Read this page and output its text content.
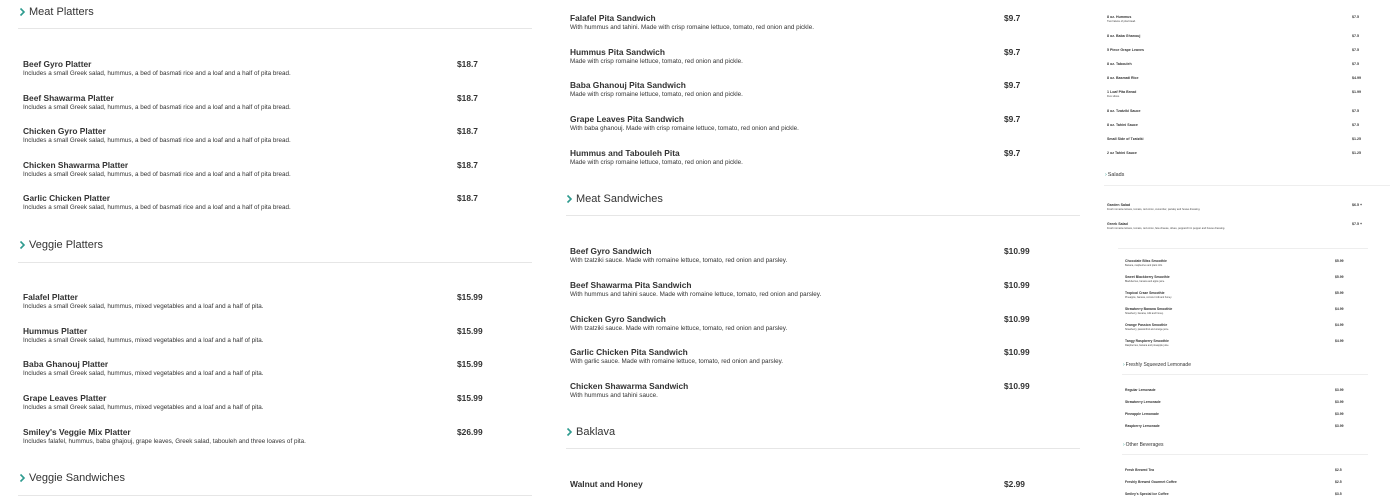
Meat Platters
Beef Gyro Platter
Includes a small Greek salad, hummus, a bed of basmati rice and a loaf and a half of pita bread.
$18.7
Beef Shawarma Platter
Includes a small Greek salad, hummus, a bed of basmati rice and a loaf and a half of pita bread.
$18.7
Chicken Gyro Platter
Includes a small Greek salad, hummus, a bed of basmati rice and a loaf and a half of pita bread.
$18.7
Chicken Shawarma Platter
Includes a small Greek salad, hummus, a bed of basmati rice and a loaf and a half of pita bread.
$18.7
Garlic Chicken Platter
Includes a small Greek salad, hummus, a bed of basmati rice and a loaf and a half of pita bread.
$18.7
Veggie Platters
Falafel Platter
Includes a small Greek salad, hummus, mixed vegetables and a loaf and a half of pita.
$15.99
Hummus Platter
Includes a small Greek salad, hummus, mixed vegetables and a loaf and a half of pita.
$15.99
Baba Ghanouj Platter
Includes a small Greek salad, hummus, mixed vegetables and a loaf and a half of pita.
$15.99
Grape Leaves Platter
Includes a small Greek salad, hummus, mixed vegetables and a loaf and a half of pita.
$15.99
Smiley's Veggie Mix Platter
Includes falafel, hummus, baba ghajouj, grape leaves, Greek salad, tabouleh and three loaves of pita.
$26.99
Veggie Sandwiches
Falafel Pita Sandwich
With hummus and tahini. Made with crisp romaine lettuce, tomato, red onion and pickle.
$9.7
Hummus Pita Sandwich
Made with crisp romaine lettuce, tomato, red onion and pickle.
$9.7
Baba Ghanouj Pita Sandwich
Made with crisp romaine lettuce, tomato, red onion and pickle.
$9.7
Grape Leaves Pita Sandwich
With baba ghanouj. Made with crisp romaine lettuce, tomato, red onion and pickle.
$9.7
Hummus and Tabouleh Pita
Made with crisp romaine lettuce, tomato, red onion and pickle.
$9.7
Meat Sandwiches
Beef Gyro Sandwich
With tzatziki sauce. Made with romaine lettuce, tomato, red onion and parsley.
$10.99
Beef Shawarma Pita Sandwich
With hummus and tahini sauce. Made with romaine lettuce, tomato, red onion and parsley.
$10.99
Chicken Gyro Sandwich
With tzatziki sauce. Made with romaine lettuce, tomato, red onion and parsley.
$10.99
Garlic Chicken Pita Sandwich
With garlic sauce. Made with romaine lettuce, tomato, red onion and parsley.
$10.99
Chicken Shawarma Sandwich
With hummus and tahini sauce.
$10.99
Baklava
Walnut and Honey	$2.99
8 oz. Hummus
Two halves of pita bread.
$7.5
8 oz. Baba Ghanouj	$7.5
5 Piece Grape Leaves	$7.5
8 oz. Tabouleh	$7.5
8 oz. Basmati Rice	$4.99
1 Loaf Pita Bread
Five slices.
$1.99
8 oz. Tzatziki Sauce	$7.5
8 oz. Tahini Sauce	$7.5
Small Side of Tzatziki	$1.25
2 oz Tahini Sauce	$1.25
› Salads
Garden Salad
Fresh romaine lettuce, tomato, red onion, cucumber, parsley and house dressing.
$6.5 +
Greek Salad
Fresh romaine lettuce, tomato, red onion, feta cheese, olives, pepperchi in pepper and house dressing.
$7.5 +
Chocolate Bliss Smoothie
Banana, raspberries and plant milk.
$5.99
Sweet Blackberry Smoothie
Blackberries, banana and apple juice.
$5.99
Tropical Craze Smoothie
Pineapple, banana, coconut milk and honey.
$5.99
Strawberry Banana Smoothie
Strawberry, banana, milk and honey.
$4.99
Orange Passion Smoothie
Strawberry, passionfruit and orange juice.
$4.99
Tangy Raspberry Smoothie
Raspberries, banana and pineapple juice.
$4.99
› Freshly Squeezed Lemonade
Regular Lemonade	$3.99
Strawberry Lemonade	$3.99
Pineapple Lemonade	$3.99
Raspberry Lemonade	$3.99
› Other Beverages
Fresh Brewed Tea	$2.5
Freshly Brewed Gourmet Coffee	$2.5
Smiley's Special Ice Coffee	$3.5
